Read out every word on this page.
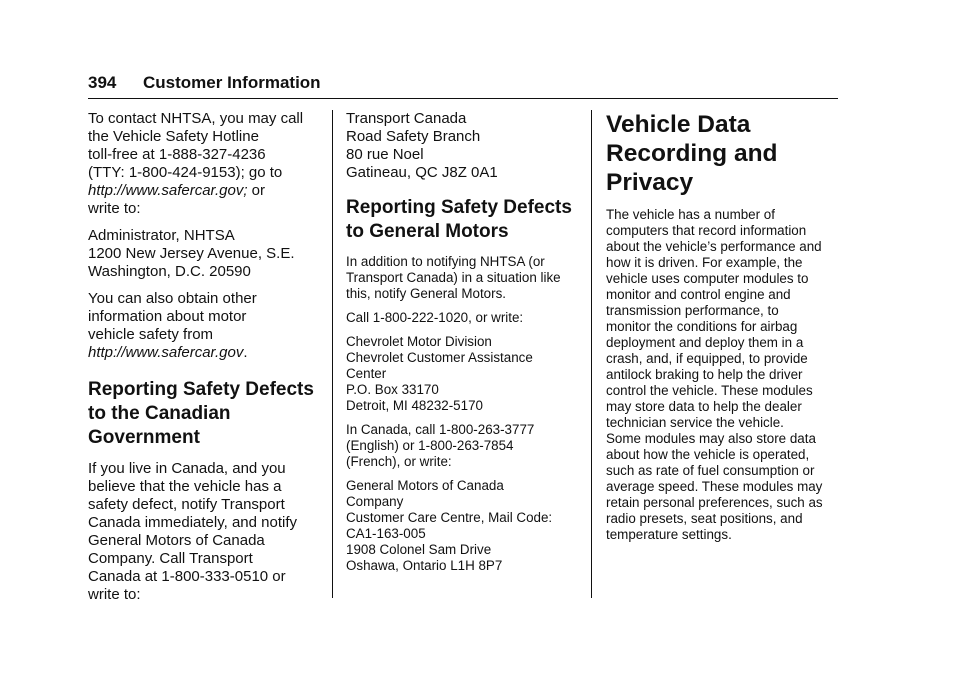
394 Customer Information

To contact NHTSA, you may call
the Vehicle Safety Hotline
toll-free at 1-888-327-4236
(TTY: 1-800-424-9153); go to
http://www.safercar.gov; or
write to:

Administrator, NHTSA
1200 New Jersey Avenue, S.E.
Washington, D.C. 20590

You can also obtain other
information about motor
vehicle safety from
http://www.safercar.gov.

Reporting Safety Defects
to the Canadian
Government

If you live in Canada, and you
believe that the vehicle has a
safety defect, notify Transport
Canada immediately, and notify
General Motors of Canada
Company. Call Transport
Canada at 1-800-333-0510 or
write to:

Transport Canada
Road Safety Branch
80 rue Noel
Gatineau, QC J8Z 0A1

Reporting Safety Defects
to General Motors

In addition to notifying NHTSA (or
Transport Canada) in a situation like
this, notify General Motors.

Call 1-800-222-1020, or write:

Chevrolet Motor Division
Chevrolet Customer Assistance
Center
P.O. Box 33170
Detroit, MI 48232-5170

In Canada, call 1-800-263-3777
(English) or 1-800-263-7854
(French), or write:

General Motors of Canada
Company
Customer Care Centre, Mail Code:
CA1-163-005
1908 Colonel Sam Drive
Oshawa, Ontario L1H 8P7

Vehicle Data
Recording and
Privacy

The vehicle has a number of
computers that record information
about the vehicle’s performance and
how it is driven. For example, the
vehicle uses computer modules to
monitor and control engine and
transmission performance, to
monitor the conditions for airbag
deployment and deploy them in a
crash, and, if equipped, to provide
antilock braking to help the driver
control the vehicle. These modules
may store data to help the dealer
technician service the vehicle.
Some modules may also store data
about how the vehicle is operated,
such as rate of fuel consumption or
average speed. These modules may
retain personal preferences, such as
radio presets, seat positions, and
temperature settings.
